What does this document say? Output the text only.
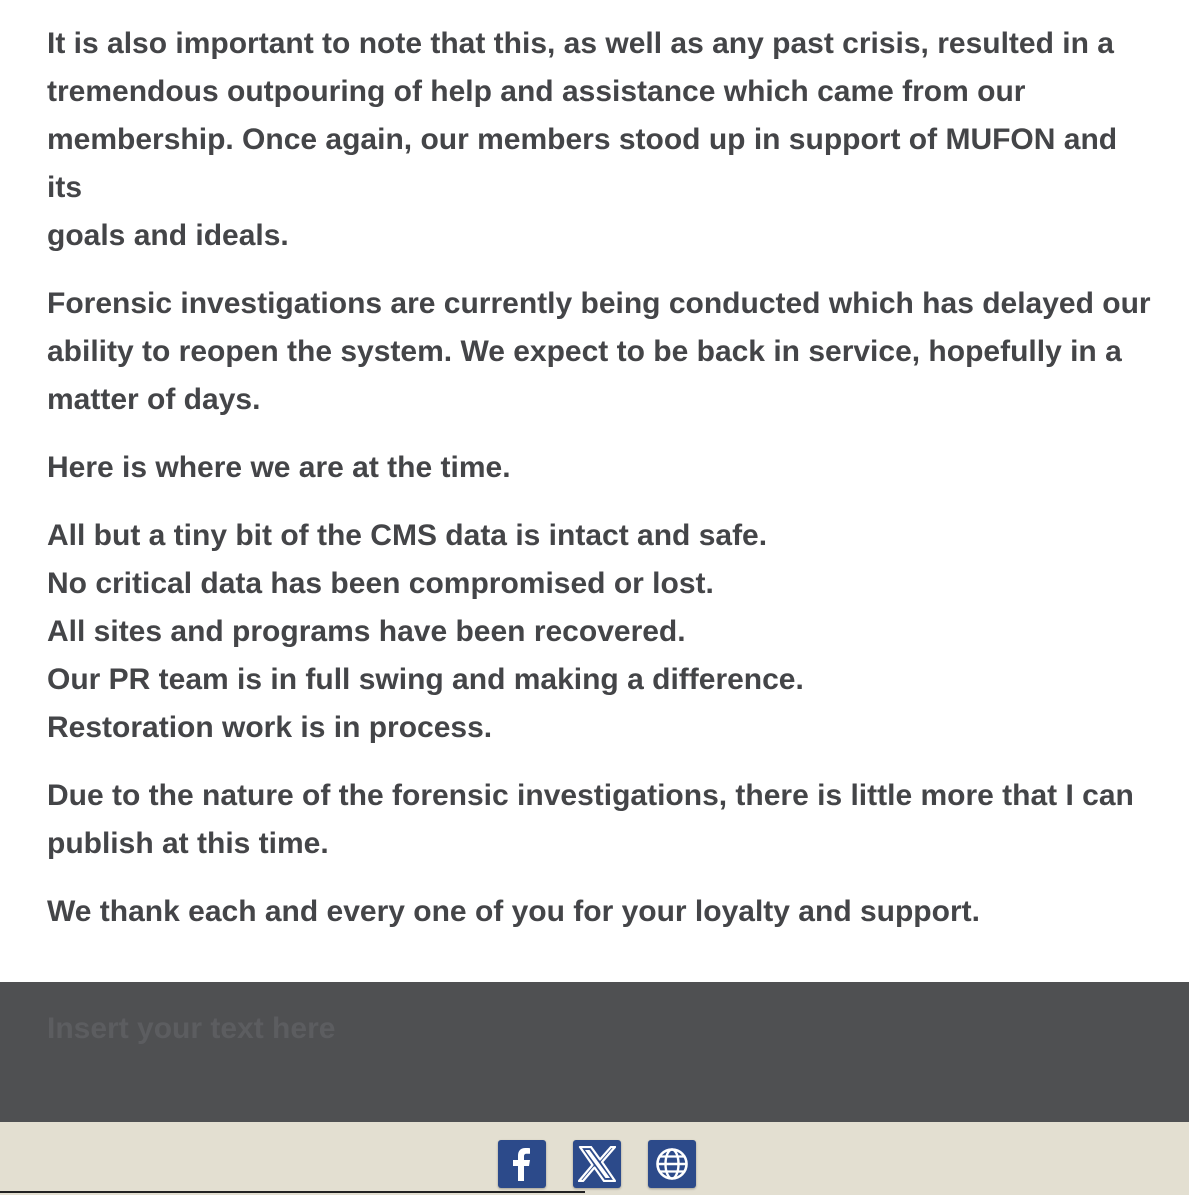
It is also important to note that this, as well as any past crisis, resulted in a
tremendous outpouring of help and assistance which came from our
membership. Once again, our members stood up in support of MUFON and
its
goals and ideals.

Forensic investigations are currently being conducted which has delayed our
ability to reopen the system. We expect to be back in service, hopefully in a
matter of days.

Here is where we are at the time.

All but a tiny bit of the CMS data is intact and safe.
No critical data has been compromised or lost.
All sites and programs have been recovered.
Our PR team is in full swing and making a difference.
Restoration work is in process.

Due to the nature of the forensic investigations, there is little more that I can
publish at this time.

We thank each and every one of you for your loyalty and support.

Insert your text here
